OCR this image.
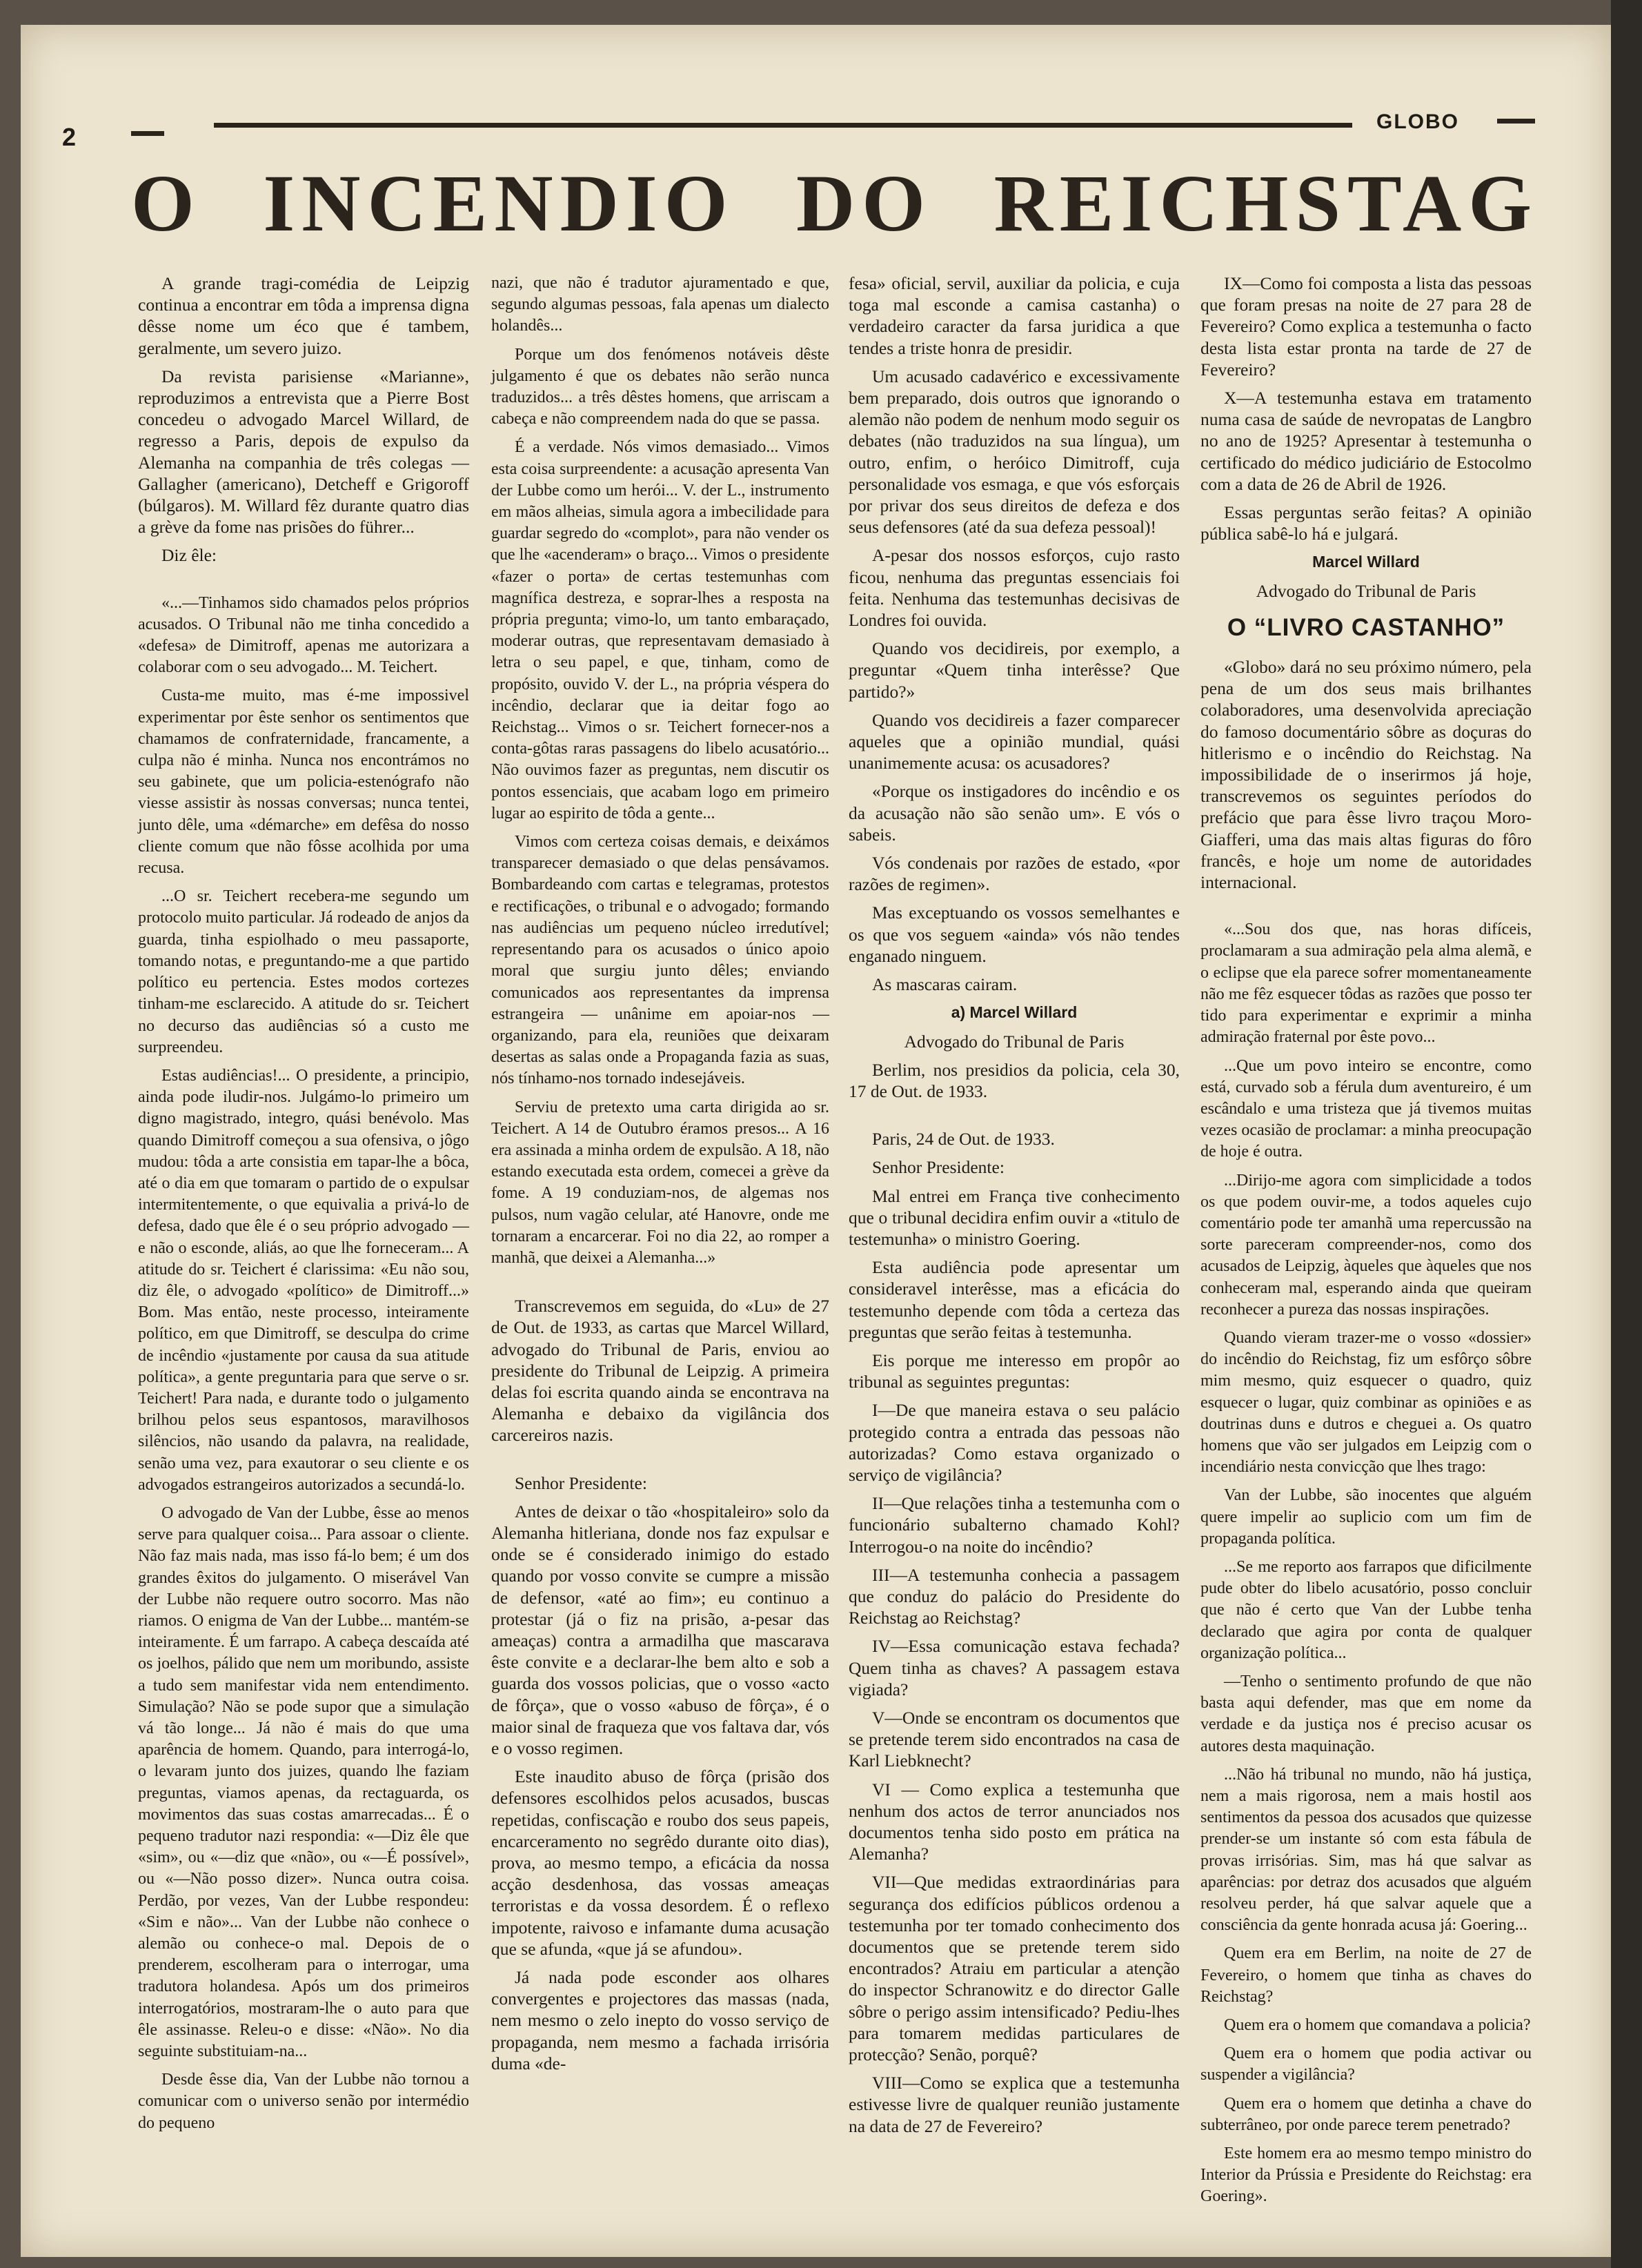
2
GLOBO
O INCENDIO DO REICHSTAG

A grande tragi-comédia de Leipzig continua a encontrar em tôda a imprensa digna dêsse nome um éco que é tambem, geralmente, um severo juizo.

Da revista parisiense «Marianne», reproduzimos a entrevista que a Pierre Bost concedeu o advogado Marcel Willard, de regresso a Paris, depois de expulso da Alemanha na companhia de três colegas — Gallagher (americano), Detcheff e Grigoroff (búlgaros). M. Willard fêz durante quatro dias a grève da fome nas prisões do führer...

Diz êle:

«...—Tinhamos sido chamados pelos próprios acusados. O Tribunal não me tinha concedido a «defesa» de Dimitroff, apenas me autorizara a colaborar com o seu advogado... M. Teichert.

Custa-me muito, mas é-me impossivel experimentar por êste senhor os sentimentos que chamamos de confraternidade, francamente, a culpa não é minha. Nunca nos encontrámos no seu gabinete, que um policia-estenógrafo não viesse assistir às nossas conversas; nunca tentei, junto dêle, uma «démarche» em defêsa do nosso cliente comum que não fôsse acolhida por uma recusa.

...O sr. Teichert recebera-me segundo um protocolo muito particular. Já rodeado de anjos da guarda, tinha espiolhado o meu passaporte, tomando notas, e preguntando-me a que partido político eu pertencia. Estes modos cortezes tinham-me esclarecido. A atitude do sr. Teichert no decurso das audiências só a custo me surpreendeu.

Estas audiências!... O presidente, a principio, ainda pode iludir-nos. Julgámo-lo primeiro um digno magistrado, integro, quási benévolo. Mas quando Dimitroff começou a sua ofensiva, o jôgo mudou: tôda a arte consistia em tapar-lhe a bôca, até o dia em que tomaram o partido de o expulsar intermitentemente, o que equivalia a privá-lo de defesa, dado que êle é o seu próprio advogado — e não o esconde, aliás, ao que lhe forneceram... A atitude do sr. Teichert é clarissima: «Eu não sou, diz êle, o advogado «político» de Dimitroff...» Bom. Mas então, neste processo, inteiramente político, em que Dimitroff, se desculpa do crime de incêndio «justamente por causa da sua atitude política», a gente preguntaria para que serve o sr. Teichert! Para nada, e durante todo o julgamento brilhou pelos seus espantosos, maravilhosos silêncios, não usando da palavra, na realidade, senão uma vez, para exautorar o seu cliente e os advogados estrangeiros autorizados a secundá-lo.

O advogado de Van der Lubbe, êsse ao menos serve para qualquer coisa... Para assoar o cliente. Não faz mais nada, mas isso fá-lo bem; é um dos grandes êxitos do julgamento. O miserável Van der Lubbe não requere outro socorro. Mas não riamos. O enigma de Van der Lubbe... mantém-se inteiramente. É um farrapo. A cabeça descaída até os joelhos, pálido que nem um moribundo, assiste a tudo sem manifestar vida nem entendimento. Simulação? Não se pode supor que a simulação vá tão longe... Já não é mais do que uma aparência de homem. Quando, para interrogá-lo, o levaram junto dos juizes, quando lhe faziam preguntas, viamos apenas, da rectaguarda, os movimentos das suas costas amarrecadas... É o pequeno tradutor nazi respondia: «—Diz êle que «sim», ou «—diz que «não», ou «—É possível», ou «—Não posso dizer». Nunca outra coisa. Perdão, por vezes, Van der Lubbe respondeu: «Sim e não»... Van der Lubbe não conhece o alemão ou conhece-o mal. Depois de o prenderem, escolheram para o interrogar, uma tradutora holandesa. Após um dos primeiros interrogatórios, mostraram-lhe o auto para que êle assinasse. Releu-o e disse: «Não». No dia seguinte substituiam-na...

Desde êsse dia, Van der Lubbe não tornou a comunicar com o universo senão por intermédio do pequeno

nazi, que não é tradutor ajuramentado e que, segundo algumas pessoas, fala apenas um dialecto holandês...

Porque um dos fenómenos notáveis dêste julgamento é que os debates não serão nunca traduzidos... a três dêstes homens, que arriscam a cabeça e não compreendem nada do que se passa.

É a verdade. Nós vimos demasiado... Vimos esta coisa surpreendente: a acusação apresenta Van der Lubbe como um herói... V. der L., instrumento em mãos alheias, simula agora a imbecilidade para guardar segredo do «complot», para não vender os que lhe «acenderam» o braço... Vimos o presidente «fazer o porta» de certas testemunhas com magnífica destreza, e soprar-lhes a resposta na própria pregunta; vimo-lo, um tanto embaraçado, moderar outras, que representavam demasiado à letra o seu papel, e que, tinham, como de propósito, ouvido V. der L., na própria véspera do incêndio, declarar que ia deitar fogo ao Reichstag... Vimos o sr. Teichert fornecer-nos a conta-gôtas raras passagens do libelo acusatório... Não ouvimos fazer as preguntas, nem discutir os pontos essenciais, que acabam logo em primeiro lugar ao espirito de tôda a gente...

Vimos com certeza coisas demais, e deixámos transparecer demasiado o que delas pensávamos. Bombardeando com cartas e telegramas, protestos e rectificações, o tribunal e o advogado; formando nas audiências um pequeno núcleo irredutível; representando para os acusados o único apoio moral que surgiu junto dêles; enviando comunicados aos representantes da imprensa estrangeira — unânime em apoiar-nos — organizando, para ela, reuniões que deixaram desertas as salas onde a Propaganda fazia as suas, nós tínhamo-nos tornado indesejáveis.

Serviu de pretexto uma carta dirigida ao sr. Teichert. A 14 de Outubro éramos presos... A 16 era assinada a minha ordem de expulsão. A 18, não estando executada esta ordem, comecei a grève da fome. A 19 conduziam-nos, de algemas nos pulsos, num vagão celular, até Hanovre, onde me tornaram a encarcerar. Foi no dia 22, ao romper a manhã, que deixei a Alemanha...»

Transcrevemos em seguida, do «Lu» de 27 de Out. de 1933, as cartas que Marcel Willard, advogado do Tribunal de Paris, enviou ao presidente do Tribunal de Leipzig. A primeira delas foi escrita quando ainda se encontrava na Alemanha e debaixo da vigilância dos carcereiros nazis.

Senhor Presidente:

Antes de deixar o tão «hospitaleiro» solo da Alemanha hitleriana, donde nos faz expulsar e onde se é considerado inimigo do estado quando por vosso convite se cumpre a missão de defensor, «até ao fim»; eu continuo a protestar (já o fiz na prisão, a-pesar das ameaças) contra a armadilha que mascarava êste convite e a declarar-lhe bem alto e sob a guarda dos vossos policias, que o vosso «acto de fôrça», que o vosso «abuso de fôrça», é o maior sinal de fraqueza que vos faltava dar, vós e o vosso regimen.

Este inaudito abuso de fôrça (prisão dos defensores escolhidos pelos acusados, buscas repetidas, confiscação e roubo dos seus papeis, encarceramento no segrêdo durante oito dias), prova, ao mesmo tempo, a eficácia da nossa acção desdenhosa, das vossas ameaças terroristas e da vossa desordem. É o reflexo impotente, raivoso e infamante duma acusação que se afunda, «que já se afundou».

Já nada pode esconder aos olhares convergentes e projectores das massas (nada, nem mesmo o zelo inepto do vosso serviço de propaganda, nem mesmo a fachada irrisória duma «de-

fesa» oficial, servil, auxiliar da policia, e cuja toga mal esconde a camisa castanha) o verdadeiro caracter da farsa juridica a que tendes a triste honra de presidir.

Um acusado cadavérico e excessivamente bem preparado, dois outros que ignorando o alemão não podem de nenhum modo seguir os debates (não traduzidos na sua língua), um outro, enfim, o heróico Dimitroff, cuja personalidade vos esmaga, e que vós esforçais por privar dos seus direitos de defeza e dos seus defensores (até da sua defeza pessoal)!

A-pesar dos nossos esforços, cujo rasto ficou, nenhuma das preguntas essenciais foi feita. Nenhuma das testemunhas decisivas de Londres foi ouvida.

Quando vos decidireis, por exemplo, a preguntar «Quem tinha interêsse? Que partido?»

Quando vos decidireis a fazer comparecer aqueles que a opinião mundial, quási unanimemente acusa: os acusadores?

«Porque os instigadores do incêndio e os da acusação não são senão um». E vós o sabeis.

Vós condenais por razões de estado, «por razões de regimen».

Mas exceptuando os vossos semelhantes e os que vos seguem «ainda» vós não tendes enganado ninguem.

As mascaras cairam.

a) Marcel Willard

Advogado do Tribunal de Paris

Berlim, nos presidios da policia, cela 30, 17 de Out. de 1933.

Paris, 24 de Out. de 1933.

Senhor Presidente:

Mal entrei em França tive conhecimento que o tribunal decidira enfim ouvir a «titulo de testemunha» o ministro Goering.

Esta audiência pode apresentar um consideravel interêsse, mas a eficácia do testemunho depende com tôda a certeza das preguntas que serão feitas à testemunha.

Eis porque me interesso em propôr ao tribunal as seguintes preguntas:

I—De que maneira estava o seu palácio protegido contra a entrada das pessoas não autorizadas? Como estava organizado o serviço de vigilância?

II—Que relações tinha a testemunha com o funcionário subalterno chamado Kohl? Interrogou-o na noite do incêndio?

III—A testemunha conhecia a passagem que conduz do palácio do Presidente do Reichstag ao Reichstag?

IV—Essa comunicação estava fechada? Quem tinha as chaves? A passagem estava vigiada?

V—Onde se encontram os documentos que se pretende terem sido encontrados na casa de Karl Liebknecht?

VI — Como explica a testemunha que nenhum dos actos de terror anunciados nos documentos tenha sido posto em prática na Alemanha?

VII—Que medidas extraordinárias para segurança dos edifícios públicos ordenou a testemunha por ter tomado conhecimento dos documentos que se pretende terem sido encontrados? Atraiu em particular a atenção do inspector Schranowitz e do director Galle sôbre o perigo assim intensificado? Pediu-lhes para tomarem medidas particulares de protecção? Senão, porquê?

VIII—Como se explica que a testemunha estivesse livre de qualquer reunião justamente na data de 27 de Fevereiro?

IX—Como foi composta a lista das pessoas que foram presas na noite de 27 para 28 de Fevereiro? Como explica a testemunha o facto desta lista estar pronta na tarde de 27 de Fevereiro?

X—A testemunha estava em tratamento numa casa de saúde de nevropatas de Langbro no ano de 1925? Apresentar à testemunha o certificado do médico judiciário de Estocolmo com a data de 26 de Abril de 1926.

Essas perguntas serão feitas? A opinião pública sabê-lo há e julgará.

Marcel Willard

Advogado do Tribunal de Paris

O “LIVRO CASTANHO”

«Globo» dará no seu próximo número, pela pena de um dos seus mais brilhantes colaboradores, uma desenvolvida apreciação do famoso documentário sôbre as doçuras do hitlerismo e o incêndio do Reichstag. Na impossibilidade de o inserirmos já hoje, transcrevemos os seguintes períodos do prefácio que para êsse livro traçou Moro-Giafferi, uma das mais altas figuras do fôro francês, e hoje um nome de autoridades internacional.

«...Sou dos que, nas horas difíceis, proclamaram a sua admiração pela alma alemã, e o eclipse que ela parece sofrer momentaneamente não me fêz esquecer tôdas as razões que posso ter tido para experimentar e exprimir a minha admiração fraternal por êste povo...

...Que um povo inteiro se encontre, como está, curvado sob a férula dum aventureiro, é um escândalo e uma tristeza que já tivemos muitas vezes ocasião de proclamar: a minha preocupação de hoje é outra.

...Dirijo-me agora com simplicidade a todos os que podem ouvir-me, a todos aqueles cujo comentário pode ter amanhã uma repercussão na sorte pareceram compreender-nos, como dos acusados de Leipzig, àqueles que àqueles que nos conheceram mal, esperando ainda que queiram reconhecer a pureza das nossas inspirações.

Quando vieram trazer-me o vosso «dossier» do incêndio do Reichstag, fiz um esfôrço sôbre mim mesmo, quiz esquecer o quadro, quiz esquecer o lugar, quiz combinar as opiniões e as doutrinas duns e dutros e cheguei a. Os quatro homens que vão ser julgados em Leipzig com o incendiário nesta convicção que lhes trago:

Van der Lubbe, são inocentes que alguém quere impelir ao suplicio com um fim de propaganda política.

...Se me reporto aos farrapos que dificilmente pude obter do libelo acusatório, posso concluir que não é certo que Van der Lubbe tenha declarado que agira por conta de qualquer organização política...

—Tenho o sentimento profundo de que não basta aqui defender, mas que em nome da verdade e da justiça nos é preciso acusar os autores desta maquinação.

...Não há tribunal no mundo, não há justiça, nem a mais rigorosa, nem a mais hostil aos sentimentos da pessoa dos acusados que quizesse prender-se um instante só com esta fábula de provas irrisórias. Sim, mas há que salvar as aparências: por detraz dos acusados que alguém resolveu perder, há que salvar aquele que a consciência da gente honrada acusa já: Goering...

Quem era em Berlim, na noite de 27 de Fevereiro, o homem que tinha as chaves do Reichstag?

Quem era o homem que comandava a policia?

Quem era o homem que podia activar ou suspender a vigilância?

Quem era o homem que detinha a chave do subterrâneo, por onde parece terem penetrado?

Este homem era ao mesmo tempo ministro do Interior da Prússia e Presidente do Reichstag: era Goering».
